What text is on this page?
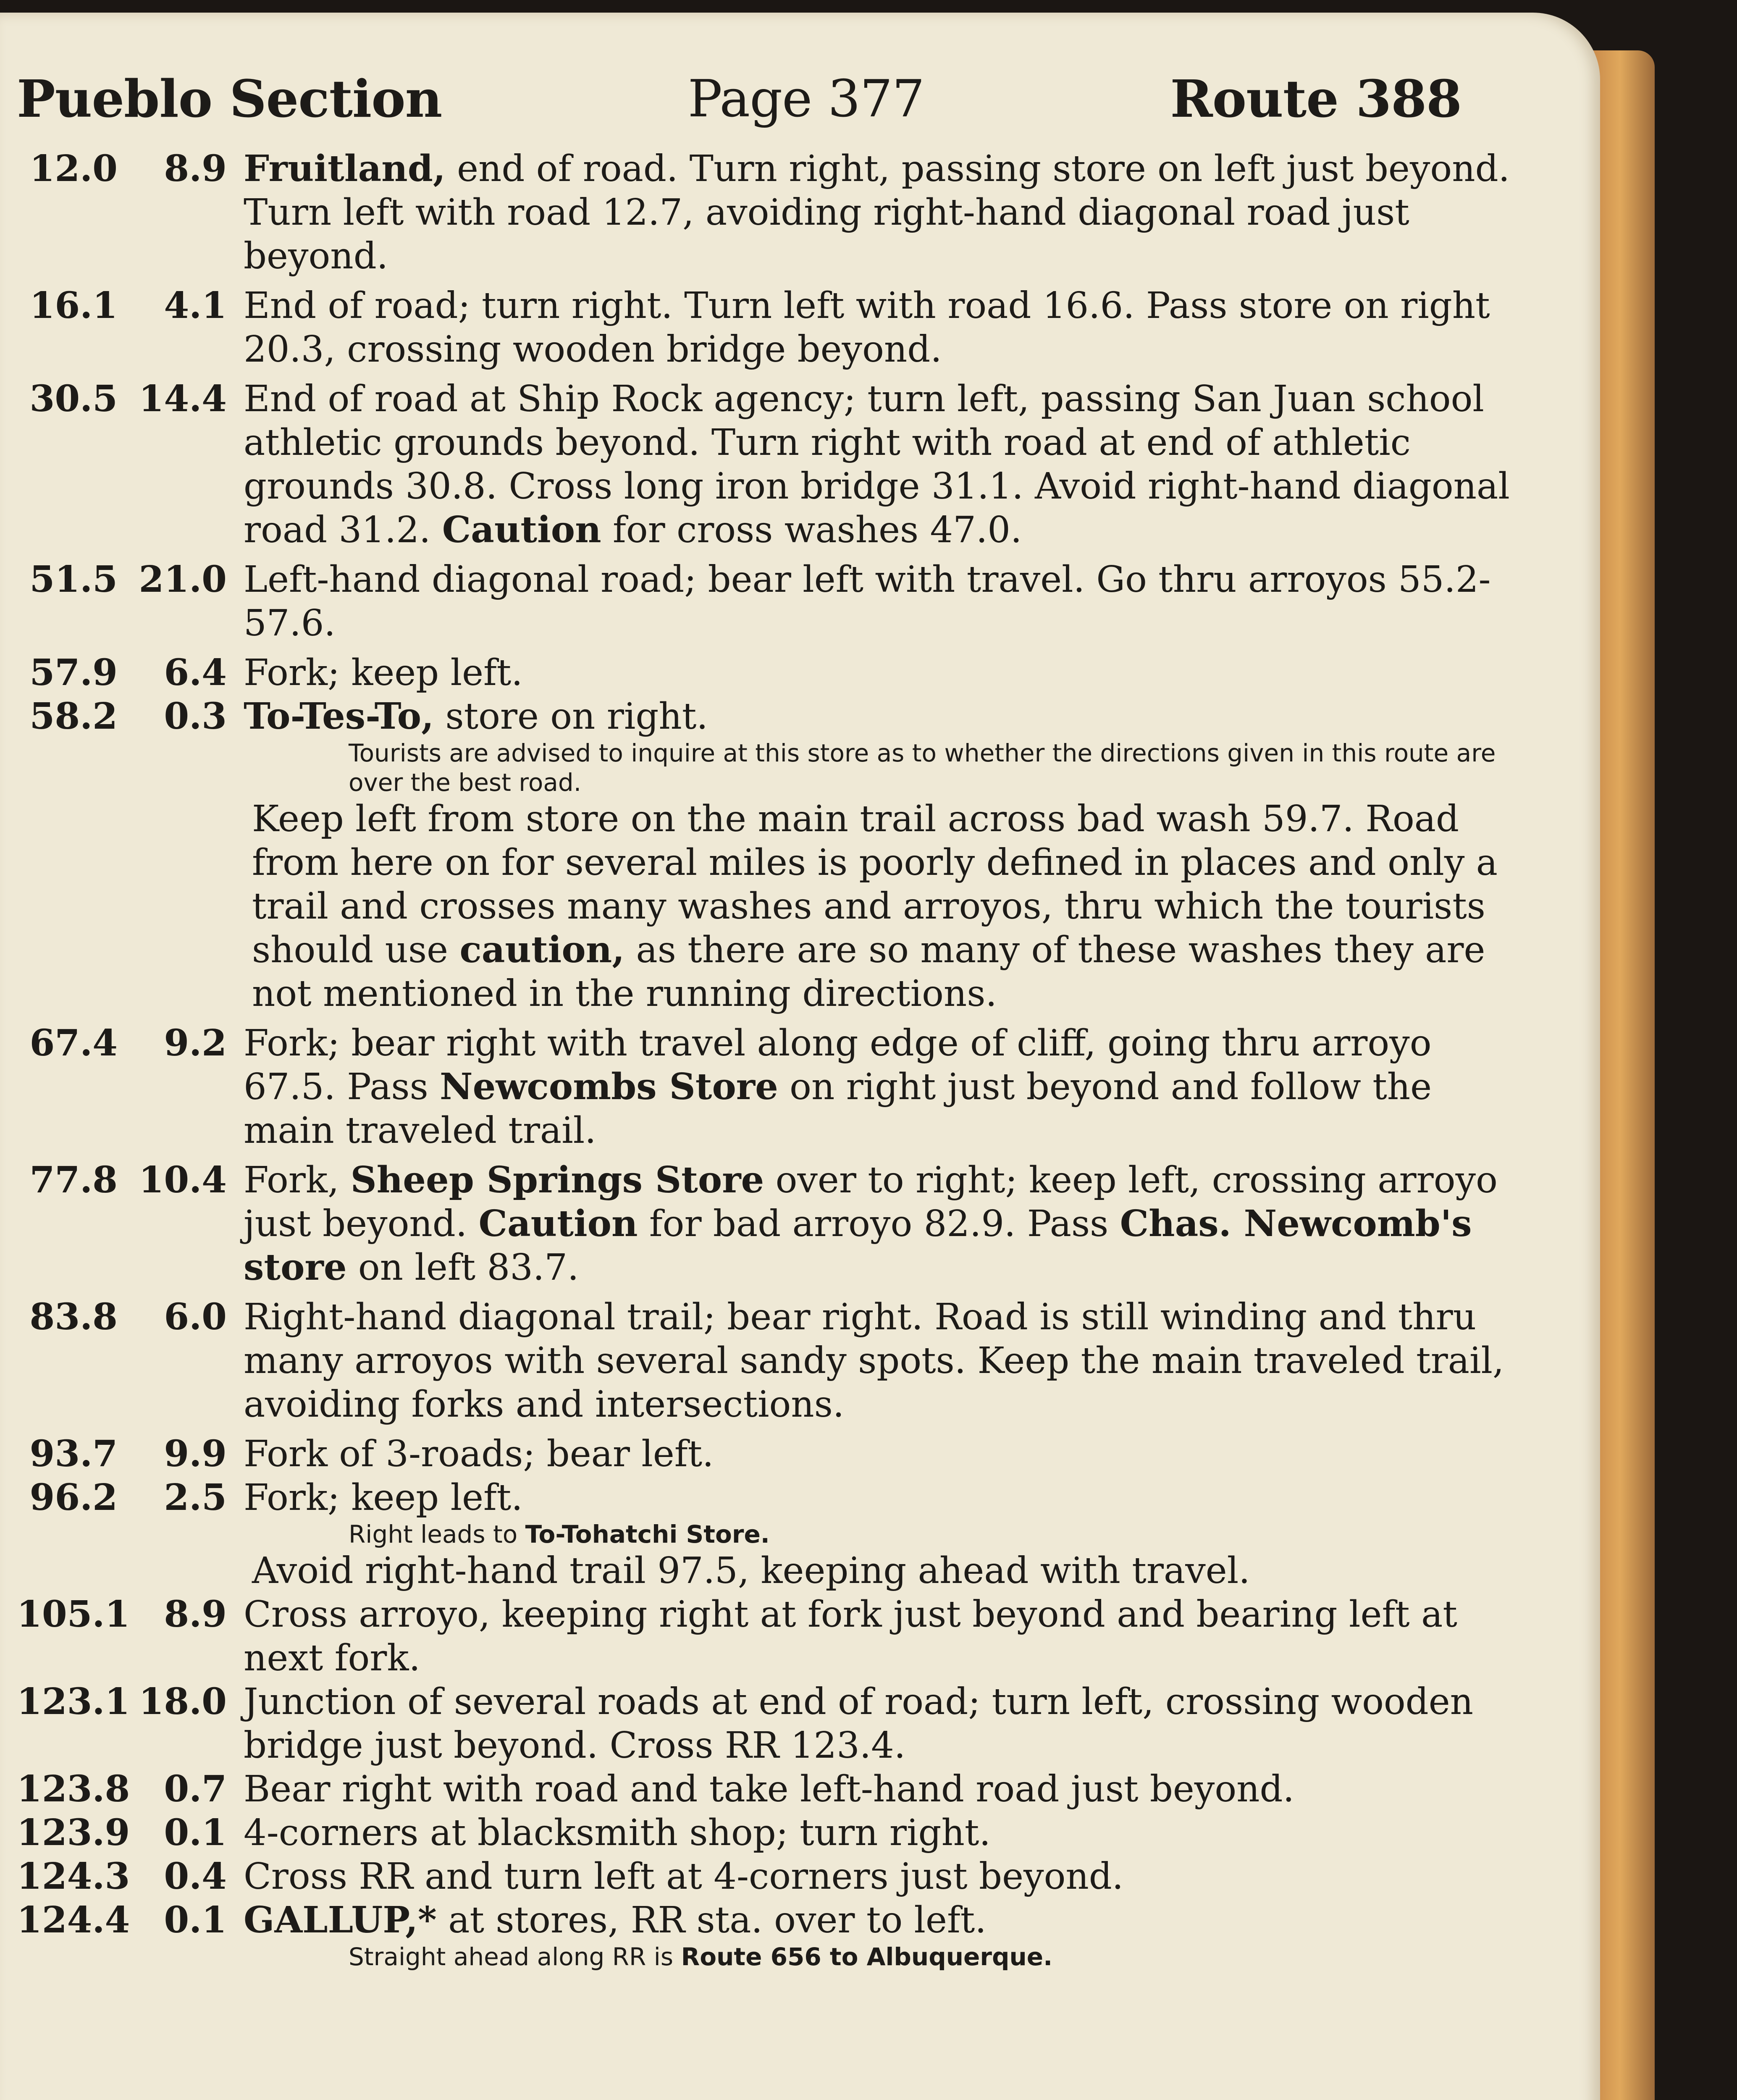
Pueblo Section	Page 377	Route 388
12.0	8.9 Fruitland, end of road. Turn right, passing store on left just beyond. Turn left with road 12.7, avoiding right-hand diagonal road just beyond.
16.1	4.1 End of road; turn right. Turn left with road 16.6. Pass store on right 20.3, crossing wooden bridge beyond.
30.5 14.4 End of road at Ship Rock agency; turn left, passing San Juan school athletic grounds beyond. Turn right with road at end of athletic grounds 30.8. Cross long iron bridge 31.1. Avoid right-hand diagonal road 31.2. Caution for cross washes 47.0.
51.5 21.0 Left-hand diagonal road; bear left with travel. Go thru arroyos 55.2-57.6.
57.9	6.4 Fork; keep left.
58.2	0.3 To-Tes-To, store on right.
Tourists are advised to inquire at this store as to whether the directions given in this route are over the best road.
Keep left from store on the main trail across bad wash 59.7. Road from here on for several miles is poorly defined in places and only a trail and crosses many washes and arroyos, thru which the tourists should use caution, as there are so many of these washes they are not mentioned in the running directions.
67.4	9.2 Fork; bear right with travel along edge of cliff, going thru arroyo 67.5. Pass Newcombs Store on right just beyond and follow the main traveled trail.
77.8 10.4 Fork, Sheep Springs Store over to right; keep left, crossing arroyo just beyond. Caution for bad arroyo 82.9. Pass Chas. Newcomb's store on left 83.7.
83.8	6.0 Right-hand diagonal trail; bear right. Road is still winding and thru many arroyos with several sandy spots. Keep the main traveled trail, avoiding forks and intersections.
93.7	9.9 Fork of 3-roads; bear left.
96.2	2.5 Fork; keep left.
Right leads to To-Tohatchi Store.
Avoid right-hand trail 97.5, keeping ahead with travel.
105.1 8.9 Cross arroyo, keeping right at fork just beyond and bearing left at next fork.
123.1 18.0 Junction of several roads at end of road; turn left, crossing wooden bridge just beyond. Cross RR 123.4.
123.8 0.7 Bear right with road and take left-hand road just beyond.
123.9 0.1 4-corners at blacksmith shop; turn right.
124.3 0.4 Cross RR and turn left at 4-corners just beyond.
124.4 0.1 GALLUP,* at stores, RR sta. over to left.
Straight ahead along RR is Route 656 to Albuquerque.
